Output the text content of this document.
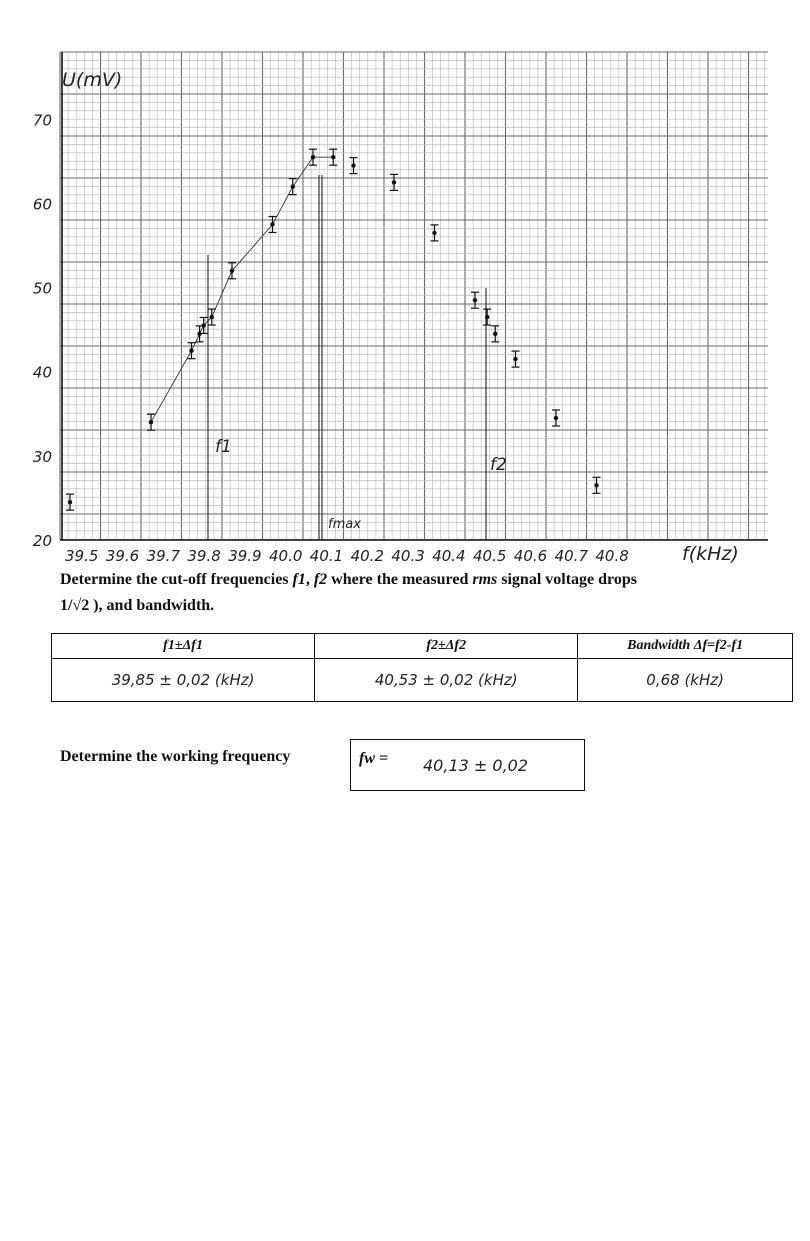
U(mV)
f(kHz)
20
30
40
50
60
70
39.5 39.6 39.7 39.8 39.9 40.0 40.1 40.2 40.3 40.4 40.5 40.6 40.7 40.8
f1
f2
fmax
Determine the cut-off frequencies f1, f2 where the measured rms signal voltage drops
1/√2 ), and bandwidth.
f1±Δf1	f2±Δf2	Bandwidth Δf=f2-f1
39,85 ± 0,02 (kHz)	40,53 ± 0,02 (kHz)	0,68 (kHz)
Determine the working frequency	fw = 40,13 ± 0,02
